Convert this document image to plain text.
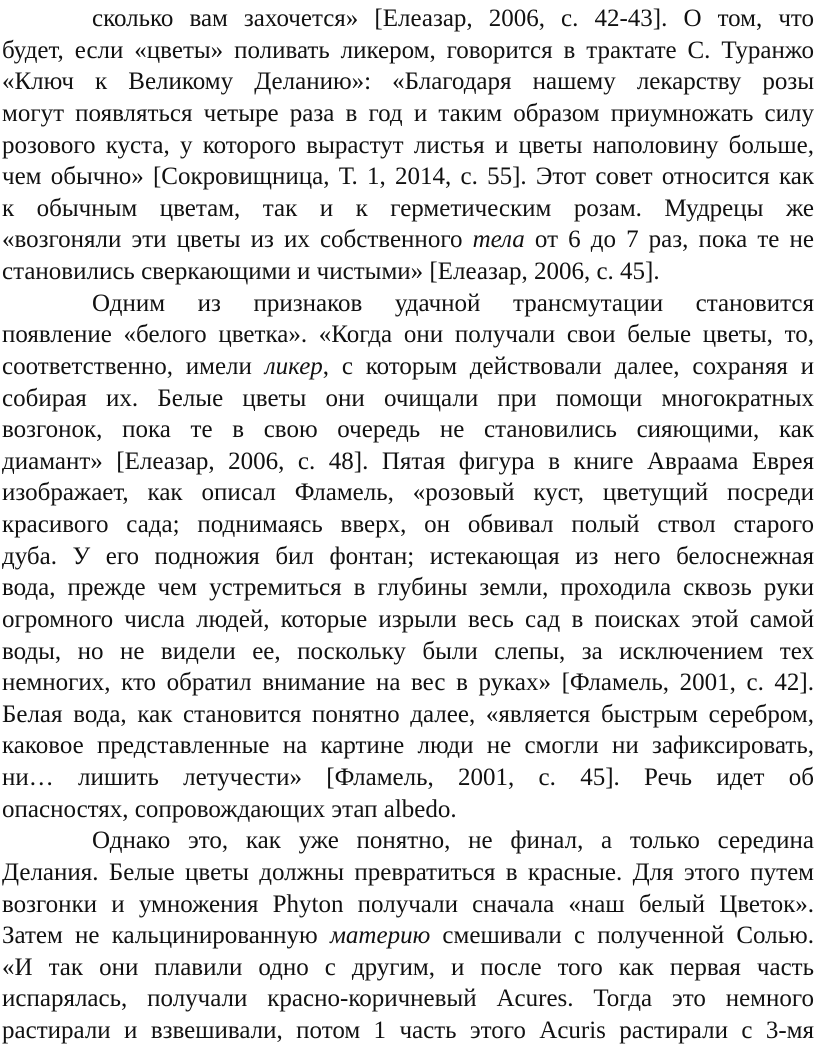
сколько вам захочется» [Елеазар, 2006, с. 42-43]. О том, что
будет, если «цветы» поливать ликером, говорится в трактате С. Туранжо
«Ключ к Великому Деланию»: «Благодаря нашему лекарству розы
могут появляться четыре раза в год и таким образом приумножать силу
розового куста, у которого вырастут листья и цветы наполовину больше,
чем обычно» [Сокровищница, Т. 1, 2014, с. 55]. Этот совет относится как
к обычным цветам, так и к герметическим розам. Мудрецы же
«возгоняли эти цветы из их собственного тела от 6 до 7 раз, пока те не
становились сверкающими и чистыми» [Елеазар, 2006, с. 45].
Одним из признаков удачной трансмутации становится
появление «белого цветка». «Когда они получали свои белые цветы, то,
соответственно, имели ликер, с которым действовали далее, сохраняя и
собирая их. Белые цветы они очищали при помощи многократных
возгонок, пока те в свою очередь не становились сияющими, как
диамант» [Елеазар, 2006, с. 48]. Пятая фигура в книге Авраама Еврея
изображает, как описал Фламель, «розовый куст, цветущий посреди
красивого сада; поднимаясь вверх, он обвивал полый ствол старого
дуба. У его подножия бил фонтан; истекающая из него белоснежная
вода, прежде чем устремиться в глубины земли, проходила сквозь руки
огромного числа людей, которые изрыли весь сад в поисках этой самой
воды, но не видели ее, поскольку были слепы, за исключением тех
немногих, кто обратил внимание на вес в руках» [Фламель, 2001, с. 42].
Белая вода, как становится понятно далее, «является быстрым серебром,
каковое представленные на картине люди не смогли ни зафиксировать,
ни… лишить летучести» [Фламель, 2001, с. 45]. Речь идет об
опасностях, сопровождающих этап albedo.
Однако это, как уже понятно, не финал, а только середина
Делания. Белые цветы должны превратиться в красные. Для этого путем
возгонки и умножения Phyton получали сначала «наш белый Цветок».
Затем не кальцинированную материю смешивали с полученной Солью.
«И так они плавили одно с другим, и после того как первая часть
испарялась, получали красно-коричневый Acures. Тогда это немного
растирали и взвешивали, потом 1 часть этого Acuris растирали с 3-мя
